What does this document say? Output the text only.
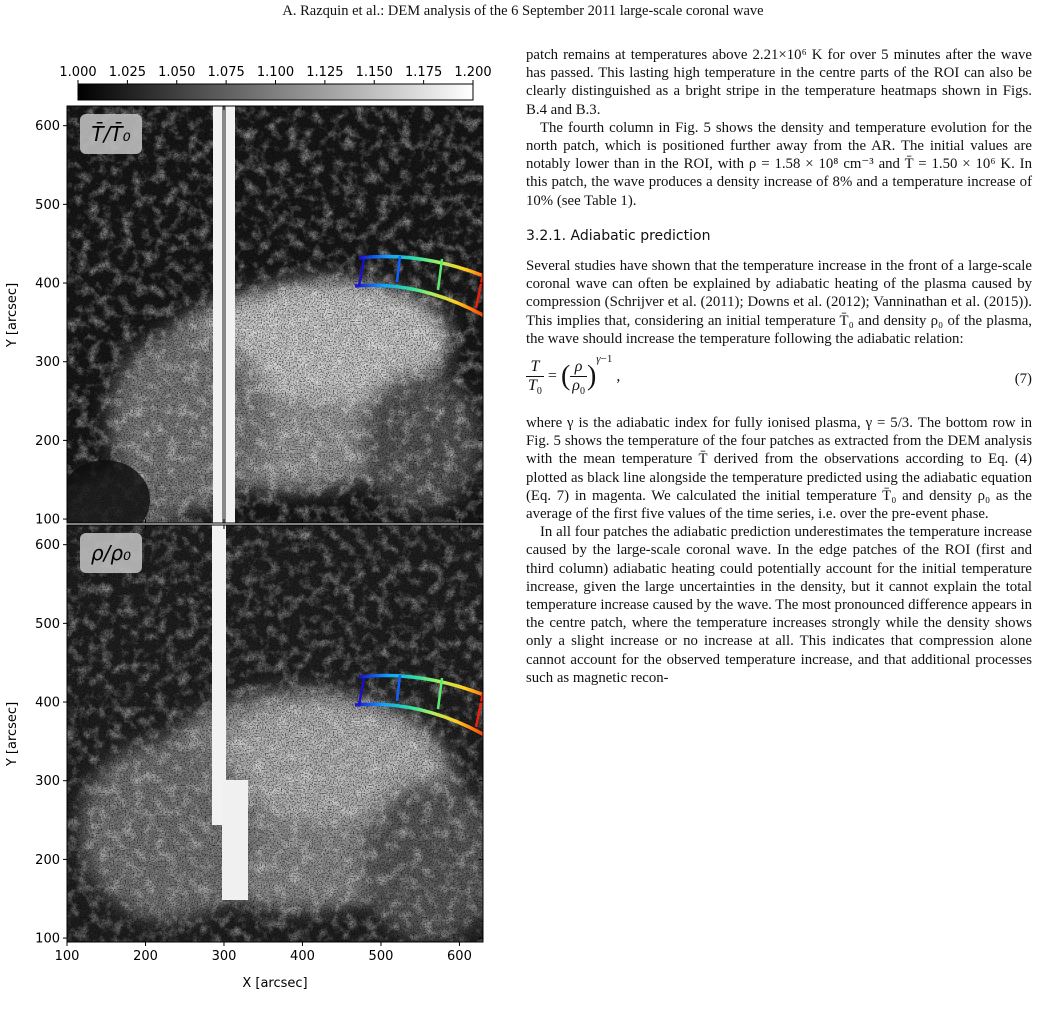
A. Razquin et al.: DEM analysis of the 6 September 2011 large-scale coronal wave
1.000 1.025 1.050 1.075 1.100 1.125 1.150 1.175 1.200
T̄/T̄₀
ρ/ρ₀
100
200
300
400
500
600
100
200
300
400
500
600
100	200	300	400	500	600
X [arcsec]
Y [arcsec]
Y [arcsec]

patch remains at temperatures above 2.21×10⁶ K for over 5 minutes after the wave has passed. This lasting high temperature in the centre parts of the ROI can also be clearly distinguished as a bright stripe in the temperature heatmaps shown in Figs. B.4 and B.3.

The fourth column in Fig. 5 shows the density and temperature evolution for the north patch, which is positioned further away from the AR. The initial values are notably lower than in the ROI, with ρ = 1.58 × 10⁸ cm⁻³ and T̄ = 1.50 × 10⁶ K. In this patch, the wave produces a density increase of 8% and a temperature increase of 10% (see Table 1).

3.2.1. Adiabatic prediction

Several studies have shown that the temperature increase in the front of a large-scale coronal wave can often be explained by adiabatic heating of the plasma caused by compression (Schrijver et al. (2011); Downs et al. (2012); Vanninathan et al. (2015)). This implies that, considering an initial temperature T̄₀ and density ρ₀ of the plasma, the wave should increase the temperature following the adiabatic relation:

$\frac{T}{T_0}$ = ( $\frac{\rho}{\rho_0} )^{\gamma-1}$ ,	(7)

where γ is the adiabatic index for fully ionised plasma, γ = 5/3. The bottom row in Fig. 5 shows the temperature of the four patches as extracted from the DEM analysis with the mean temperature T̄ derived from the observations according to Eq. (4) plotted as black line alongside the temperature predicted using the adiabatic equation (Eq. 7) in magenta. We calculated the initial temperature T̄₀ and density ρ₀ as the average of the first five values of the time series, i.e. over the pre-event phase.

In all four patches the adiabatic prediction underestimates the temperature increase caused by the large-scale coronal wave. In the edge patches of the ROI (first and third column) adiabatic heating could potentially account for the initial temperature increase, given the large uncertainties in the density, but it cannot explain the total temperature increase caused by the wave. The most pronounced difference appears in the centre patch, where the temperature increases strongly while the density shows only a slight increase or no increase at all. This indicates that compression alone cannot account for the observed temperature increase, and that additional processes such as magnetic recon-
